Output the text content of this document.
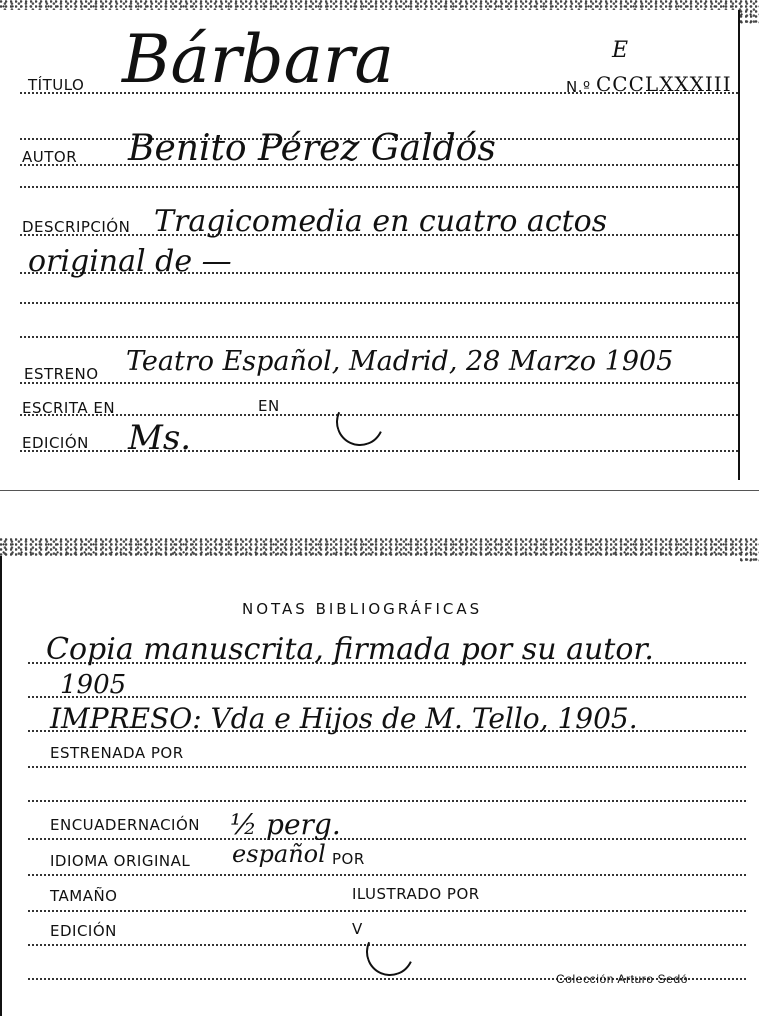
TÍTULO Bárbara	E
N.º CCCLXXXIII
AUTOR Benito Pérez Galdós
DESCRIPCIÓN Tragicomedia en cuatro actos
original de —
ESTRENO Teatro Español, Madrid, 28 Marzo 1905
ESCRITA EN	EN
EDICIÓN Ms.
NOTAS BIBLIOGRÁFICAS
Copia manuscrita, firmada por su autor.
1905
IMPRESO: Vda e Hijos de M. Tello, 1905.
ESTRENADA POR
ENCUADERNACIÓN ½ perg.
IDIOMA ORIGINAL español POR
TAMAÑO	ILUSTRADO POR
EDICIÓN	V
Colección Arturo Sedó
